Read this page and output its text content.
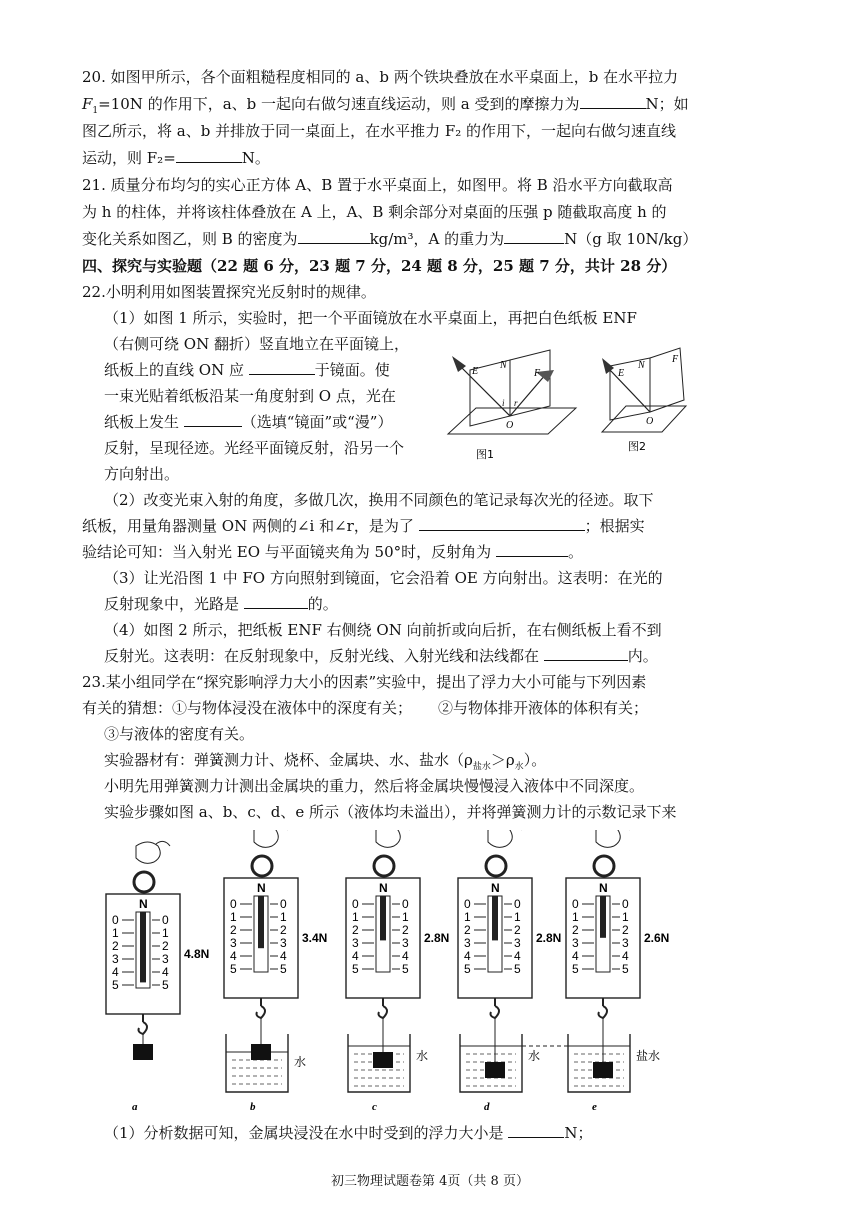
20. 如图甲所示，各个面粗糙程度相同的 a、b 两个铁块叠放在水平桌面上，b 在水平拉力
$F_1=10N$ 的作用下，a、b 一起向右做匀速直线运动，则 a 受到的摩擦力为	N；如
图乙所示，将 a、b 并排放于同一桌面上，在水平推力 F₂ 的作用下，一起向右做匀速直线
运动，则 F₂=	N。
21. 质量分布均匀的实心正方体 A、B 置于水平桌面上，如图甲。将 B 沿水平方向截取高
为 h 的柱体，并将该柱体叠放在 A 上，A、B 剩余部分对桌面的压强 p 随截取高度 h 的
变化关系如图乙，则 B 的密度为	kg/m³，A 的重力为	N（g 取 10N/kg）
四、探究与实验题（22 题 6 分，23 题 7 分，24 题 8 分，25 题 7 分，共计 28 分）
22.小明利用如图装置探究光反射时的规律。
（1）如图 1 所示，实验时，把一个平面镜放在水平桌面上，再把白色纸板 ENF
（右侧可绕 ON 翻折）竖直地立在平面镜上，
纸板上的直线 ON 应	于镜面。使
一束光贴着纸板沿某一角度射到 O 点，光在
纸板上发生	（选填“镜面”或“漫”）
反射，呈现径迹。光经平面镜反射，沿另一个
方向射出。
E
N
F
i r
O
图1
E
N
F
O
图2
（2）改变光束入射的角度，多做几次，换用不同颜色的笔记录每次光的径迹。取下
纸板，用量角器测量 ON 两侧的∠i 和∠r，是为了	；根据实
验结论可知：当入射光 EO 与平面镜夹角为 50°时，反射角为	。
（3）让光沿图 1 中 FO 方向照射到镜面，它会沿着 OE 方向射出。这表明：在光的
反射现象中，光路是	的。
（4）如图 2 所示，把纸板 ENF 右侧绕 ON 向前折或向后折，在右侧纸板上看不到
反射光。这表明：在反射现象中，反射光线、入射光线和法线都在	内。
23.某小组同学在“探究影响浮力大小的因素”实验中，提出了浮力大小可能与下列因素
有关的猜想：①与物体浸没在液体中的深度有关； ②与物体排开液体的体积有关；
③与液体的密度有关。
实验器材有：弹簧测力计、烧杯、金属块、水、盐水$(\rho_{盐水}>\rho_水)$。
小明先用弹簧测力计测出金属块的重力，然后将金属块慢慢浸入液体中不同深度。
实验步骤如图 a、b、c、d、e 所示（液体均未溢出），并将弹簧测力计的示数记录下来
N
0	0
1	1
2	2
3	3
4	4
5	5
4.8N
a
N
0	0
1	1
2	2
3	3
4	4
5	5
3.4N
水
b
N
0	0
1	1
2	2
3	3
4	4
5	5
2.8N
水
c
N
0	0
1	1
2	2
3	3
4	4
5	5
2.8N
水
d
N
0	0
1	1
2	2
3	3
4	4
5	5
2.6N
盐水
e
（1）分析数据可知，金属块浸没在水中时受到的浮力大小是	N；
初三物理试题卷第 4页（共 8 页）
